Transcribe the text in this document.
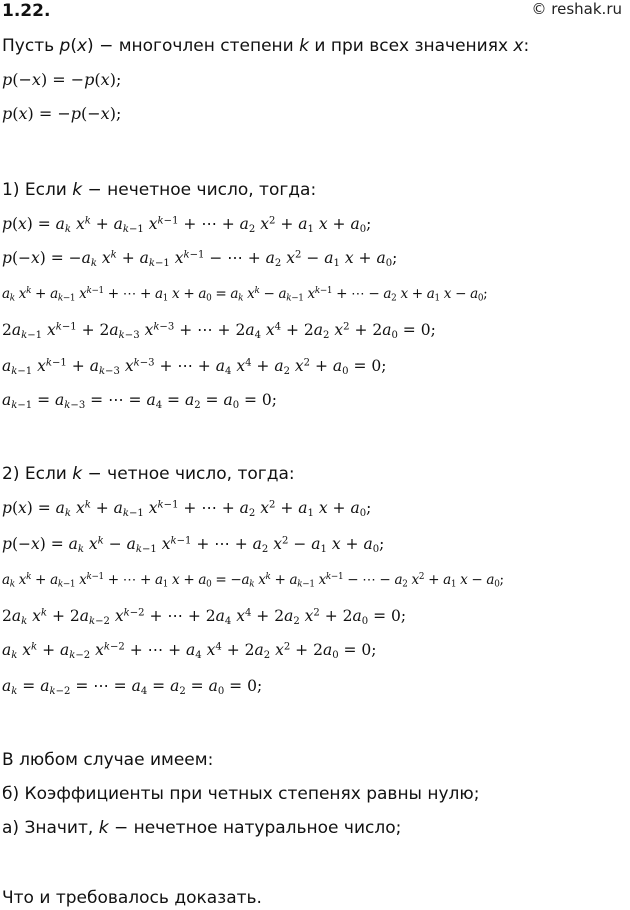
1.22.	© reshak.ru
Пусть p(x) − многочлен степени k и при всех значениях x:
p(−x) = −p(x);
p(x) = −p(−x);
1) Если k − нечетное число, тогда:
$p(x) = a_k$ $x^k + a_{k-1}$ $x^{k-1}$ + ⋯ + $a_2$ $x^2 + a_1$ $x + a_0$;
$p(-x) = -a_k$ $x^k + a_{k-1}$ $x^{k-1}$ − ⋯ + $a_2$ $x^2 - a_1$ $x + a_0$;
$a_k$ $x^k + a_{k-1}$ $x^{k-1}$ + ⋯ + $a_1$ $x + a_0 = a_k$ $x^k - a_{k-1}$ $x^{k-1}$ + ⋯ − $a_2$ $x + a_1$ $x - a_0$;
$2a_{k-1}$ $x^{k-1} + 2a_{k-3}$ $x^{k-3}$ + ⋯ + $2a_4$ $x^4 + 2a_2$ $x^2 + 2a_0 = 0$;
$a_{k-1}$ $x^{k-1} + a_{k-3}$ $x^{k-3}$ + ⋯ + $a_4$ $x^4 + a_2$ $x^2 + a_0 = 0$;
$a_{k-1} = a_{k-3}$ = ⋯ = $a_4 = a_2 = a_0 = 0$;
2) Если k − четное число, тогда:
$p(x) = a_k$ $x^k + a_{k-1}$ $x^{k-1}$ + ⋯ + $a_2$ $x^2 + a_1$ $x + a_0$;
$p(-x) = a_k$ $x^k - a_{k-1}$ $x^{k-1}$ + ⋯ + $a_2$ $x^2 - a_1$ $x + a_0$;
$a_k$ $x^k + a_{k-1}$ $x^{k-1}$ + ⋯ + $a_1$ $x + a_0 = -a_k$ $x^k + a_{k-1}$ $x^{k-1}$ − ⋯ − $a_2$ $x^2 + a_1$ $x - a_0$;
$2a_k$ $x^k + 2a_{k-2}$ $x^{k-2}$ + ⋯ + $2a_4$ $x^4 + 2a_2$ $x^2 + 2a_0 = 0$;
$a_k$ $x^k + a_{k-2}$ $x^{k-2}$ + ⋯ + $a_4$ $x^4 + 2a_2$ $x^2 + 2a_0 = 0$;
$a_k = a_{k-2}$ = ⋯ = $a_4 = a_2 = a_0 = 0$;
В любом случае имеем:
б) Коэффициенты при четных степенях равны нулю;
а) Значит, k − нечетное натуральное число;
Что и требовалось доказать.
